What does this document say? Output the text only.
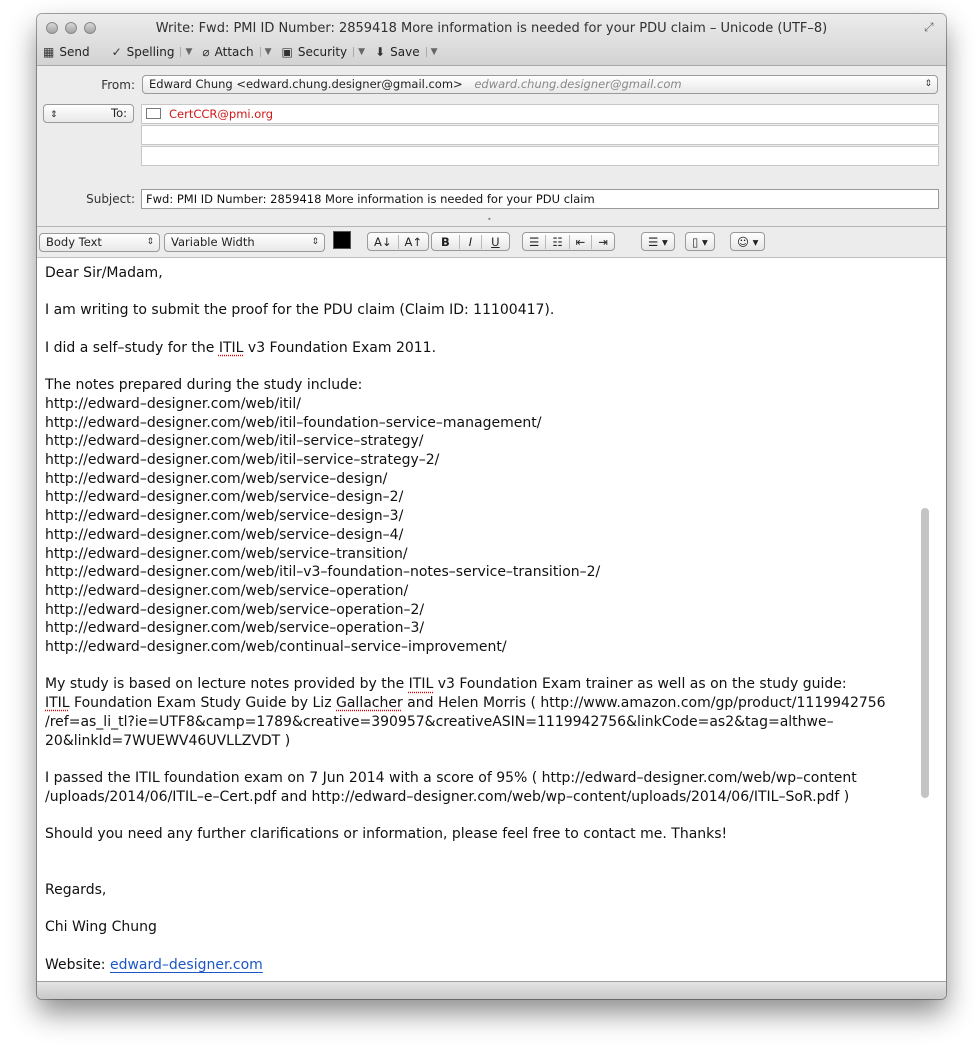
Write: Fwd: PMI ID Number: 2859418 More information is needed for your PDU claim – Unicode (UTF–8)	⤢
▦ Send ✓ Spelling	▼ ⌀ Attach	▼ ▣ Security	▼ ⬇ Save	▼
From:	Edward Chung <edward.chung.designer@gmail.com> edward.chung.designer@gmail.com	⇕
⇕	To:	CertCCR@pmi.org
Subject: Fwd: PMI ID Number: 2859418 More information is needed for your PDU claim
•
Body Text	⇕	Variable Width	⇕	A↓	A↑	B	I	U	☰	☷	⇤	⇥	☰ ▾	▯ ▾	☺ ▾

Dear Sir/Madam,

I am writing to submit the proof for the PDU claim (Claim ID: 11100417).

I did a self–study for the ITIL v3 Foundation Exam 2011.

The notes prepared during the study include:
http://edward–designer.com/web/itil/
http://edward–designer.com/web/itil–foundation–service–management/
http://edward–designer.com/web/itil–service–strategy/
http://edward–designer.com/web/itil–service–strategy–2/
http://edward–designer.com/web/service–design/
http://edward–designer.com/web/service–design–2/
http://edward–designer.com/web/service–design–3/
http://edward–designer.com/web/service–design–4/
http://edward–designer.com/web/service–transition/
http://edward–designer.com/web/itil–v3–foundation–notes–service–transition–2/
http://edward–designer.com/web/service–operation/
http://edward–designer.com/web/service–operation–2/
http://edward–designer.com/web/service–operation–3/
http://edward–designer.com/web/continual–service–improvement/

My study is based on lecture notes provided by the ITIL v3 Foundation Exam trainer as well as on the study guide:
ITIL Foundation Exam Study Guide by Liz Gallacher and Helen Morris ( http://www.amazon.com/gp/product/1119942756
/ref=as_li_tl?ie=UTF8&camp=1789&creative=390957&creativeASIN=1119942756&linkCode=as2&tag=althwe–
20&linkId=7WUEWV46UVLLZVDT )

I passed the ITIL foundation exam on 7 Jun 2014 with a score of 95% ( http://edward–designer.com/web/wp–content
/uploads/2014/06/ITIL–e–Cert.pdf and http://edward–designer.com/web/wp–content/uploads/2014/06/ITIL–SoR.pdf )

Should you need any further clarifications or information, please feel free to contact me. Thanks!

Regards,

Chi Wing Chung

Website: edward–designer.com
